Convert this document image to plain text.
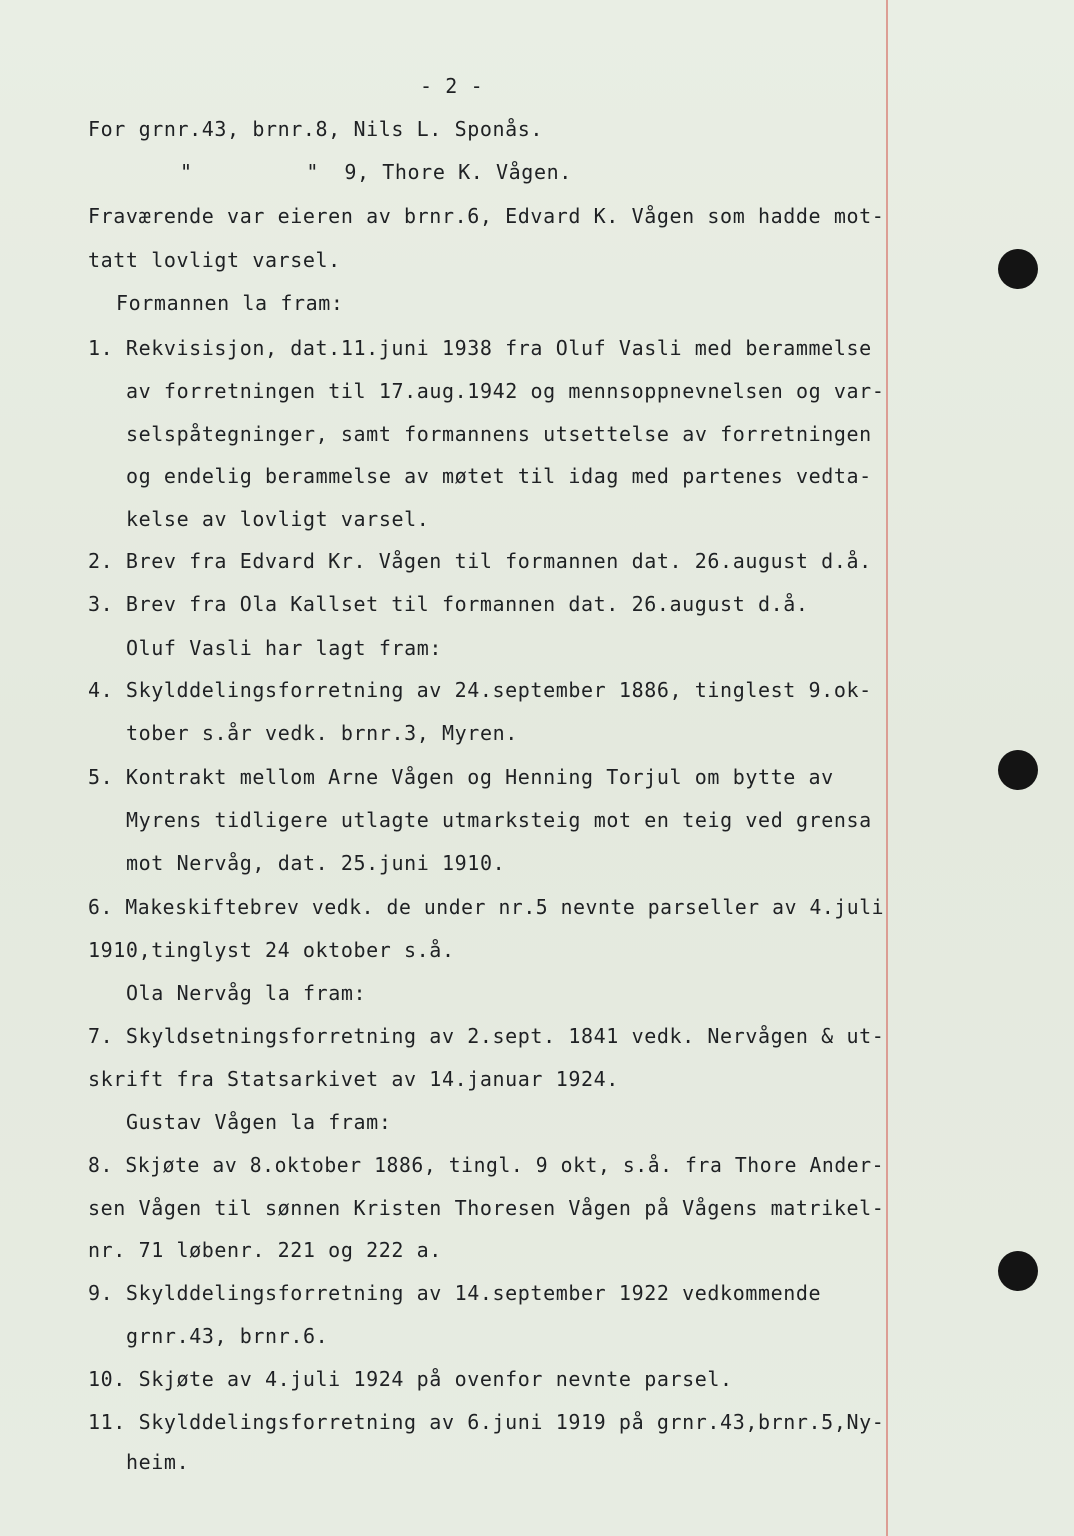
- 2 -
For grnr.43, brnr.8, Nils L. Sponås.
"         "  9, Thore K. Vågen.
Fraværende var eieren av brnr.6, Edvard K. Vågen som hadde mot-
tatt lovligt varsel.
Formannen la fram:
1. Rekvisisjon, dat.11.juni 1938 fra Oluf Vasli med berammelse
av forretningen til 17.aug.1942 og mennsoppnevnelsen og var-
selspåtegninger, samt formannens utsettelse av forretningen
og endelig berammelse av møtet til idag med partenes vedta-
kelse av lovligt varsel.
2. Brev fra Edvard Kr. Vågen til formannen dat. 26.august d.å.
3. Brev fra Ola Kallset til formannen dat. 26.august d.å.
Oluf Vasli har lagt fram:
4. Skylddelingsforretning av 24.september 1886, tinglest 9.ok-
tober s.år vedk. brnr.3, Myren.
5. Kontrakt mellom Arne Vågen og Henning Torjul om bytte av
Myrens tidligere utlagte utmarksteig mot en teig ved grensa
mot Nervåg, dat. 25.juni 1910.
6. Makeskiftebrev vedk. de under nr.5 nevnte parseller av 4.juli
1910,tinglyst 24 oktober s.å.
Ola Nervåg la fram:
7. Skyldsetningsforretning av 2.sept. 1841 vedk. Nervågen & ut-
skrift fra Statsarkivet av 14.januar 1924.
Gustav Vågen la fram:
8. Skjøte av 8.oktober 1886, tingl. 9 okt, s.å. fra Thore Ander-
sen Vågen til sønnen Kristen Thoresen Vågen på Vågens matrikel-
nr. 71 løbenr. 221 og 222 a.
9. Skylddelingsforretning av 14.september 1922 vedkommende
grnr.43, brnr.6.
10. Skjøte av 4.juli 1924 på ovenfor nevnte parsel.
11. Skylddelingsforretning av 6.juni 1919 på grnr.43,brnr.5,Ny-
heim.
